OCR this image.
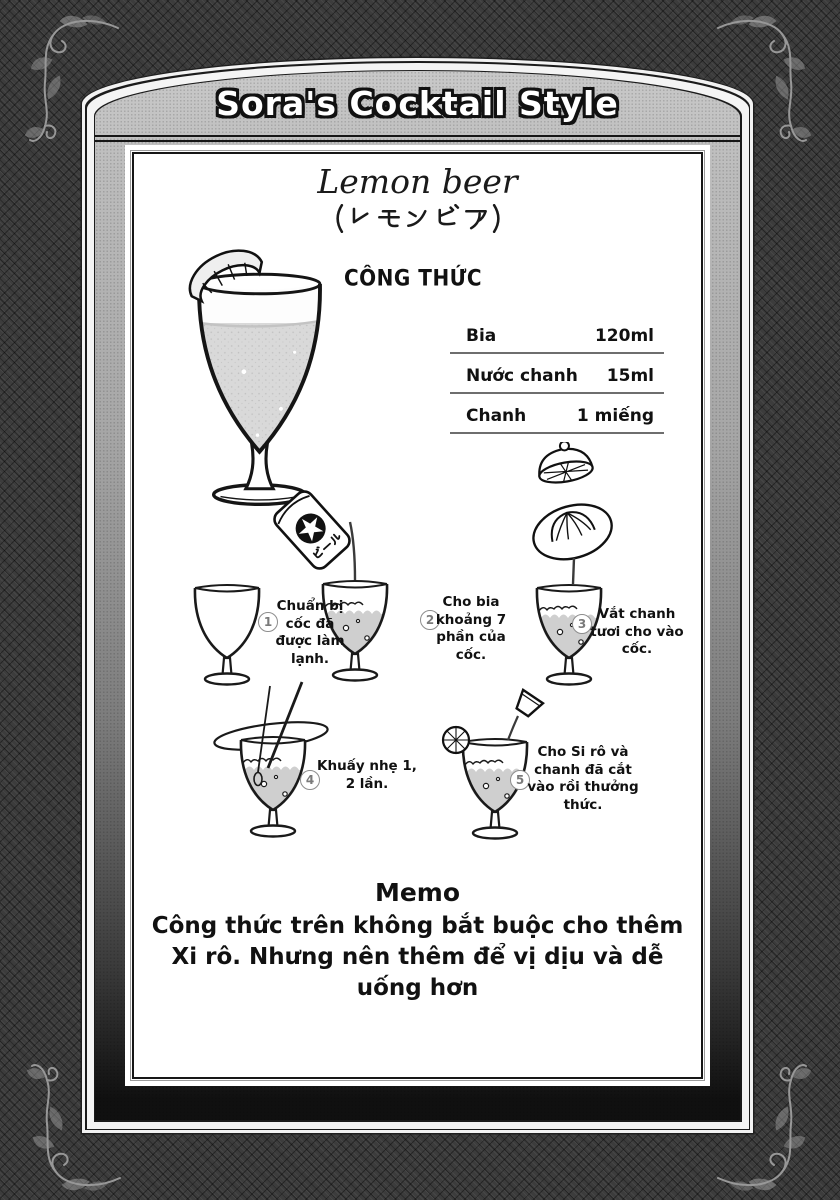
Sora's Cocktail Style
Lemon beer
CÔNG THỨC
Bia	120ml
Nước chanh 15ml
Chanh	1 miếng
1	2	3
4	5
Chuẩn bị cốc đã được làm lạnh.
Cho bia khoảng 7 phần của cốc.
Vắt chanh tươi cho vào cốc.
Khuấy nhẹ 1, 2 lần.
Cho Si rô và chanh đã cắt vào rồi thưởng thức.
Memo
Công thức trên không bắt buộc cho thêm Xi rô. Nhưng nên thêm để vị dịu và dễ uống hơn
